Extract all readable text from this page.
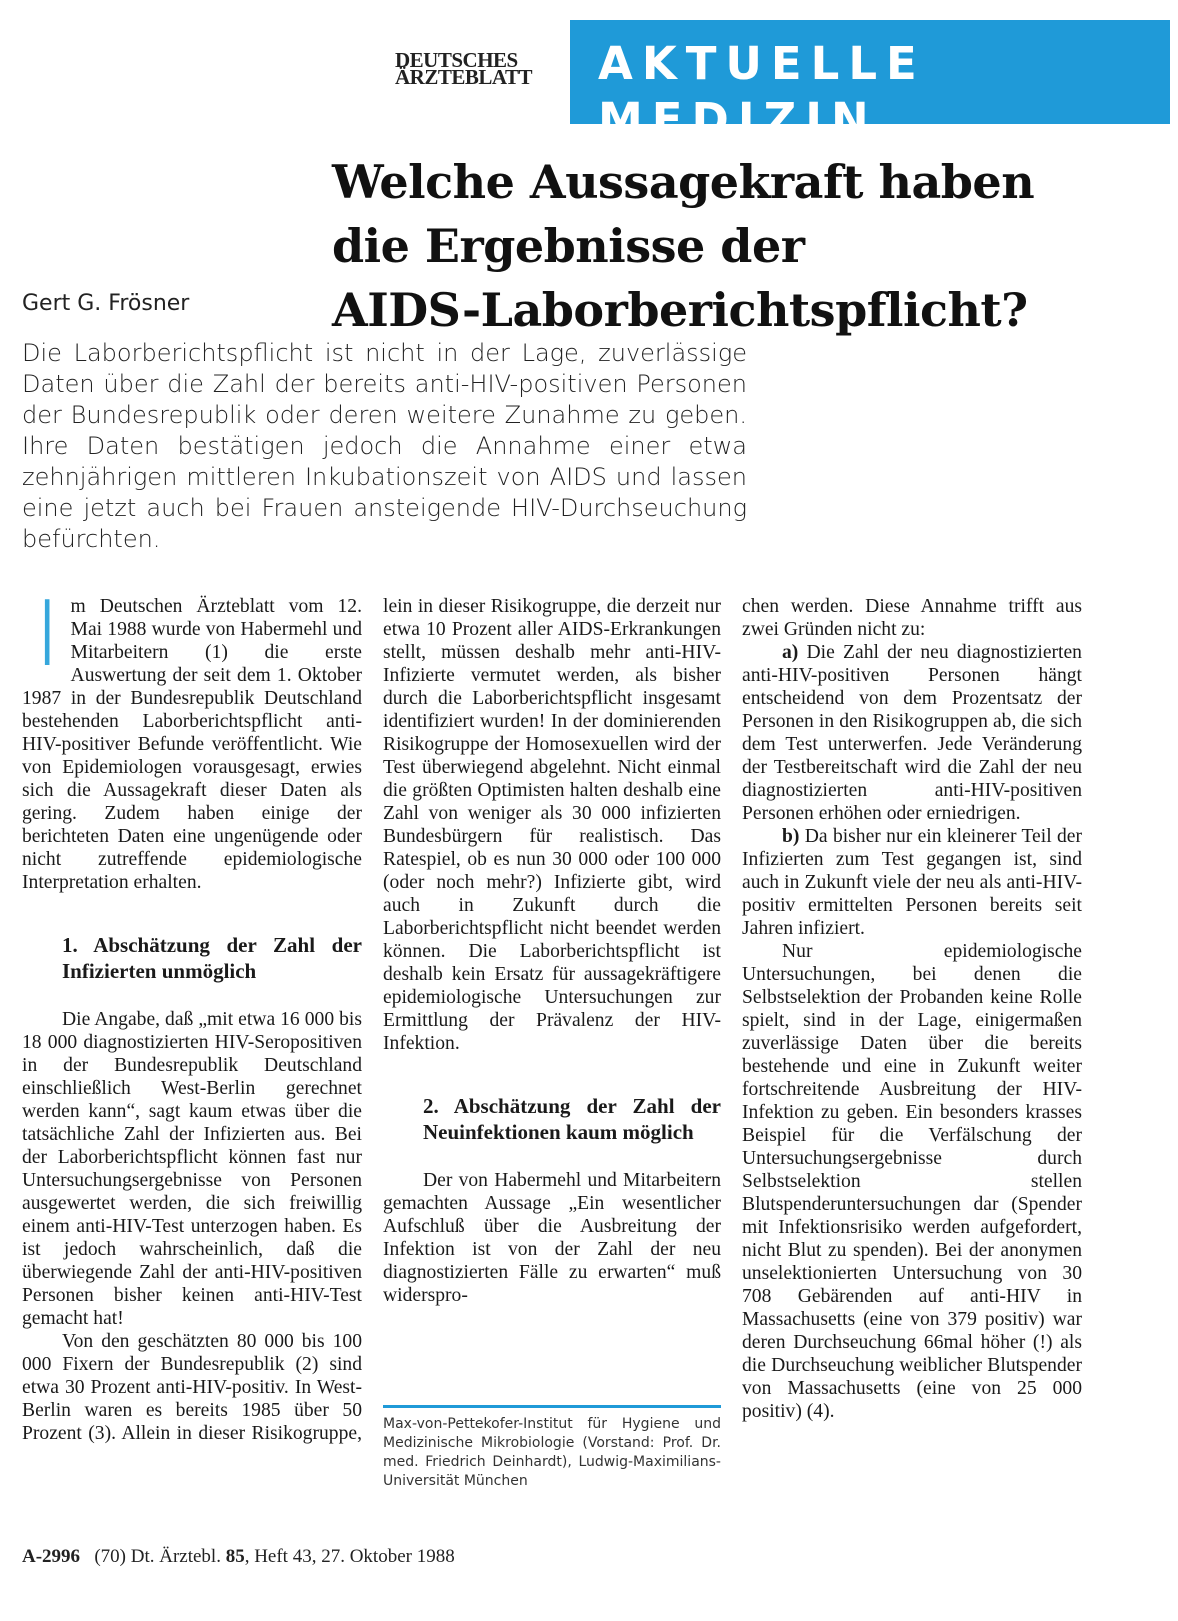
DEUTSCHES
ÄRZTEBLATT	AKTUELLE MEDIZIN
Welche Aussagekraft haben
die Ergebnisse der
AIDS-Laborberichtspflicht?
Gert G. Frösner

Die Laborberichtspflicht ist nicht in der Lage, zuverlässige Daten über die Zahl der bereits anti-HIV-positiven Personen der Bundesrepublik oder deren weitere Zunahme zu geben. Ihre Daten bestätigen jedoch die Annahme einer etwa zehnjährigen mittleren Inkubationszeit von AIDS und lassen eine jetzt auch bei Frauen ansteigende HIV-Durchseuchung befürchten.

Im Deutschen Ärzteblatt vom 12. Mai 1988 wurde von Habermehl und Mitarbeitern (1) die erste Auswertung der seit dem 1. Oktober 1987 in der Bundesrepublik Deutschland bestehenden Laborberichtspflicht anti-HIV-positiver Befunde veröffentlicht. Wie von Epidemiologen vorausgesagt, erwies sich die Aussagekraft dieser Daten als gering. Zudem haben einige der berichteten Daten eine ungenügende oder nicht zutreffende epidemiologische Interpretation erhalten.

1. Abschätzung der Zahl der Infizierten unmöglich

Die Angabe, daß „mit etwa 16 000 bis 18 000 diagnostizierten HIV-Seropositiven in der Bundesrepublik Deutschland einschließlich West-Berlin gerechnet werden kann“, sagt kaum etwas über die tatsächliche Zahl der Infizierten aus. Bei der Laborberichtspflicht können fast nur Untersuchungsergebnisse von Personen ausgewertet werden, die sich freiwillig einem anti-HIV-Test unterzogen haben. Es ist jedoch wahrscheinlich, daß die überwiegende Zahl der anti-HIV-positiven Personen bisher keinen anti-HIV-Test gemacht hat!

Von den geschätzten 80 000 bis 100 000 Fixern der Bundesrepublik (2) sind etwa 30 Prozent anti-HIV-positiv. In West-Berlin waren es bereits 1985 über 50 Prozent (3). Allein in dieser Risikogruppe,

lein in dieser Risikogruppe, die derzeit nur etwa 10 Prozent aller AIDS-Erkrankungen stellt, müssen deshalb mehr anti-HIV-Infizierte vermutet werden, als bisher durch die Laborberichtspflicht insgesamt identifiziert wurden! In der dominierenden Risikogruppe der Homosexuellen wird der Test überwiegend abgelehnt. Nicht einmal die größten Optimisten halten deshalb eine Zahl von weniger als 30 000 infizierten Bundesbürgern für realistisch. Das Ratespiel, ob es nun 30 000 oder 100 000 (oder noch mehr?) Infizierte gibt, wird auch in Zukunft durch die Laborberichtspflicht nicht beendet werden können. Die Laborberichtspflicht ist deshalb kein Ersatz für aussagekräftigere epidemiologische Untersuchungen zur Ermittlung der Prävalenz der HIV-Infektion.

2. Abschätzung der Zahl der Neuinfektionen kaum möglich

Der von Habermehl und Mitarbeitern gemachten Aussage „Ein wesentlicher Aufschluß über die Ausbreitung der Infektion ist von der Zahl der neu diagnostizierten Fälle zu erwarten“ muß widerspro-

Max-von-Pettekofer-Institut für Hygiene und Medizinische Mikrobiologie (Vorstand: Prof. Dr. med. Friedrich Deinhardt), Ludwig-Maximilians-Universität München

chen werden. Diese Annahme trifft aus zwei Gründen nicht zu:

a) Die Zahl der neu diagnostizierten anti-HIV-positiven Personen hängt entscheidend von dem Prozentsatz der Personen in den Risikogruppen ab, die sich dem Test unterwerfen. Jede Veränderung der Testbereitschaft wird die Zahl der neu diagnostizierten anti-HIV-positiven Personen erhöhen oder erniedrigen.

b) Da bisher nur ein kleinerer Teil der Infizierten zum Test gegangen ist, sind auch in Zukunft viele der neu als anti-HIV-positiv ermittelten Personen bereits seit Jahren infiziert.

Nur epidemiologische Untersuchungen, bei denen die Selbstselektion der Probanden keine Rolle spielt, sind in der Lage, einigermaßen zuverlässige Daten über die bereits bestehende und eine in Zukunft weiter fortschreitende Ausbreitung der HIV-Infektion zu geben. Ein besonders krasses Beispiel für die Verfälschung der Untersuchungsergebnisse durch Selbstselektion stellen Blutspenderuntersuchungen dar (Spender mit Infektionsrisiko werden aufgefordert, nicht Blut zu spenden). Bei der anonymen unselektionierten Untersuchung von 30 708 Gebärenden auf anti-HIV in Massachusetts (eine von 379 positiv) war deren Durchseuchung 66mal höher (!) als die Durchseuchung weiblicher Blutspender von Massachusetts (eine von 25 000 positiv) (4).

A-2996 (70) Dt. Ärztebl. 85, Heft 43, 27. Oktober 1988
